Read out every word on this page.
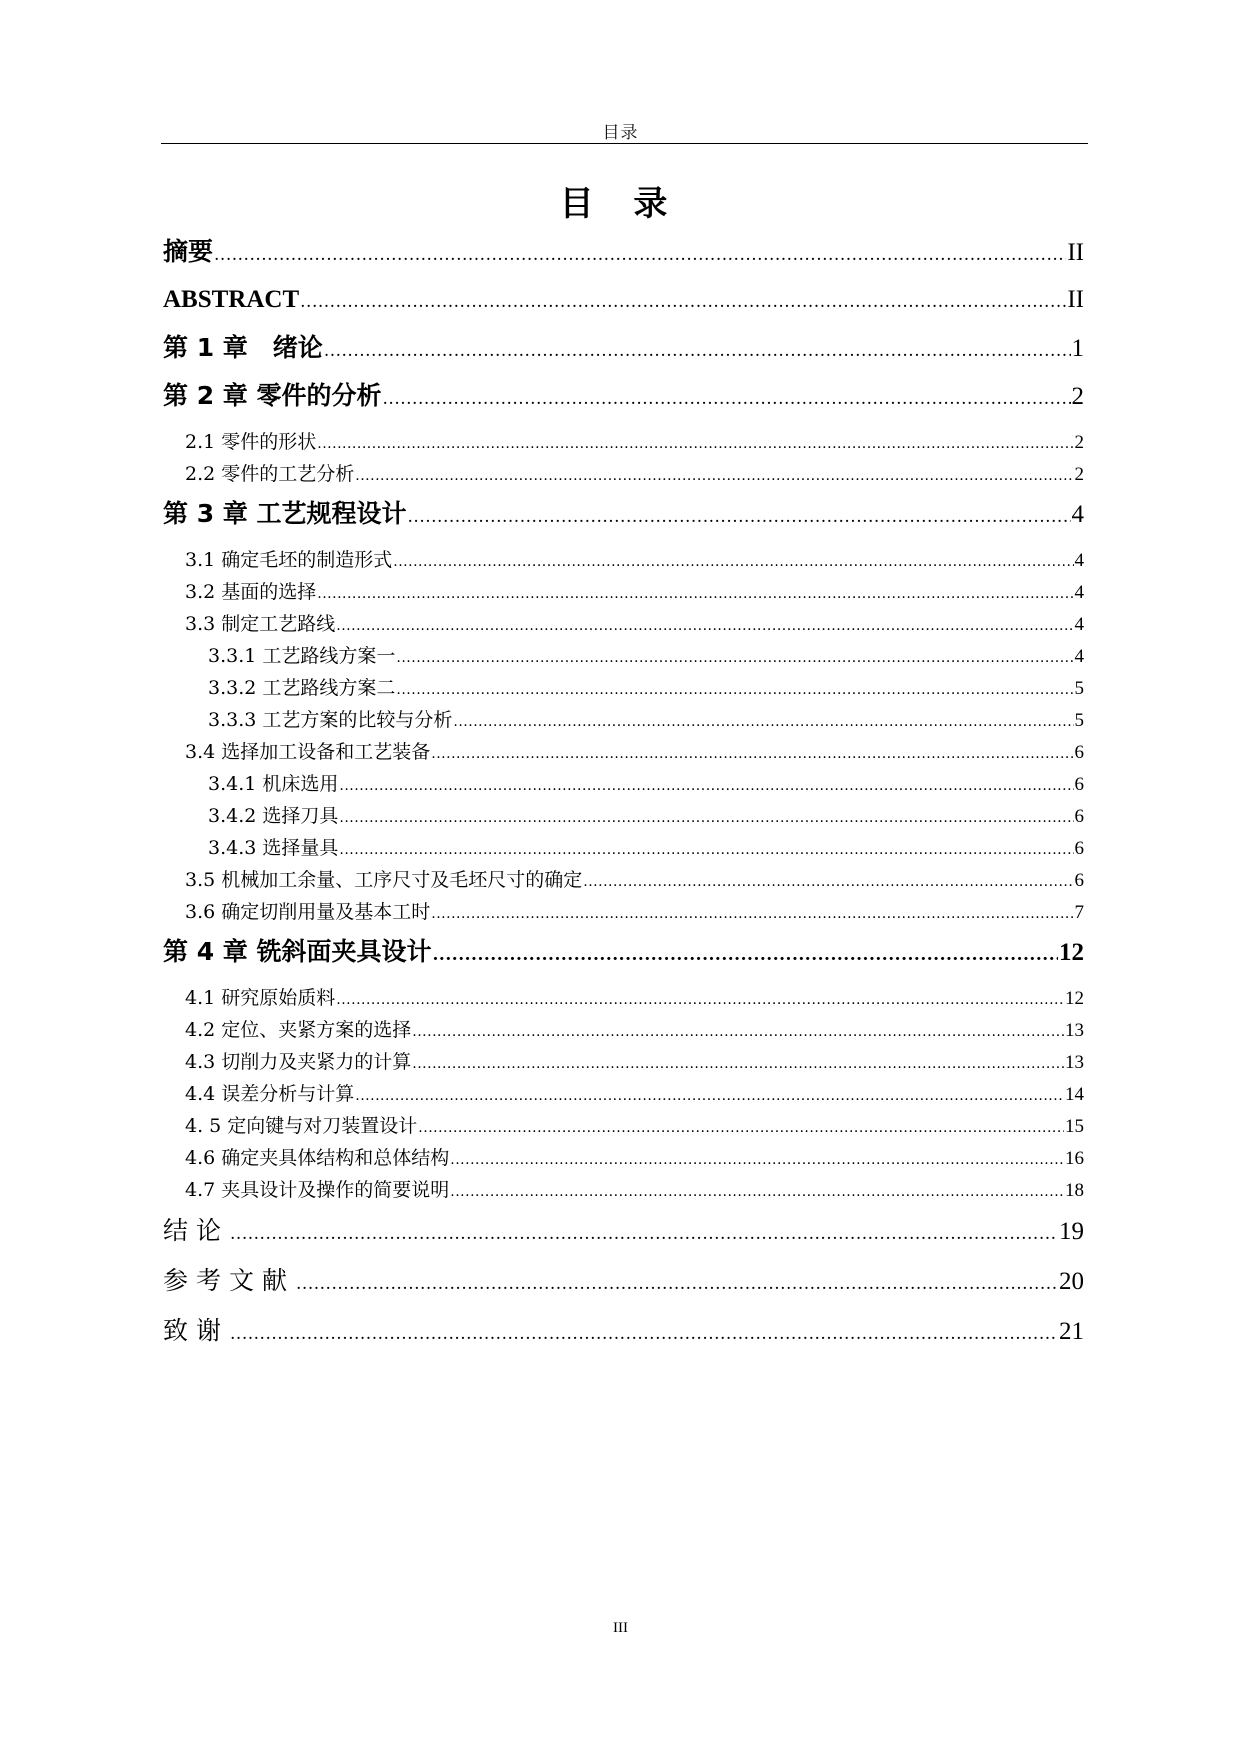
目录
目 录
摘要 .....	II
ABSTRACT .....	II
第 1 章　绪论 .....	1
第 2 章 零件的分析 .....	2
2.1 零件的形状 .....	2
2.2 零件的工艺分析 .....	2
第 3 章 工艺规程设计 .....	4
3.1 确定毛坯的制造形式 .....	4
3.2 基面的选择 .....	4
3.3 制定工艺路线 .....	4
3.3.1 工艺路线方案一 .....	4
3.3.2 工艺路线方案二 .....	5
3.3.3 工艺方案的比较与分析 .....	5
3.4 选择加工设备和工艺装备 .....	6
3.4.1 机床选用 .....	6
3.4.2 选择刀具 .....	6
3.4.3 选择量具 .....	6
3.5 机械加工余量、工序尺寸及毛坯尺寸的确定 .....	6
3.6 确定切削用量及基本工时 .....	7
第 4 章 铣斜面夹具设计 .....	12
4.1 研究原始质料 .....	12
4.2 定位、夹紧方案的选择 .....	13
4.3 切削力及夹紧力的计算 .....	13
4.4 误差分析与计算 .....	14
4. 5 定向键与对刀装置设计 .....	15
4.6 确定夹具体结构和总体结构 .....	16
4.7 夹具设计及操作的简要说明 .....	18
结论 .....	19
参考文献 .....	20
致谢 .....	21
III
